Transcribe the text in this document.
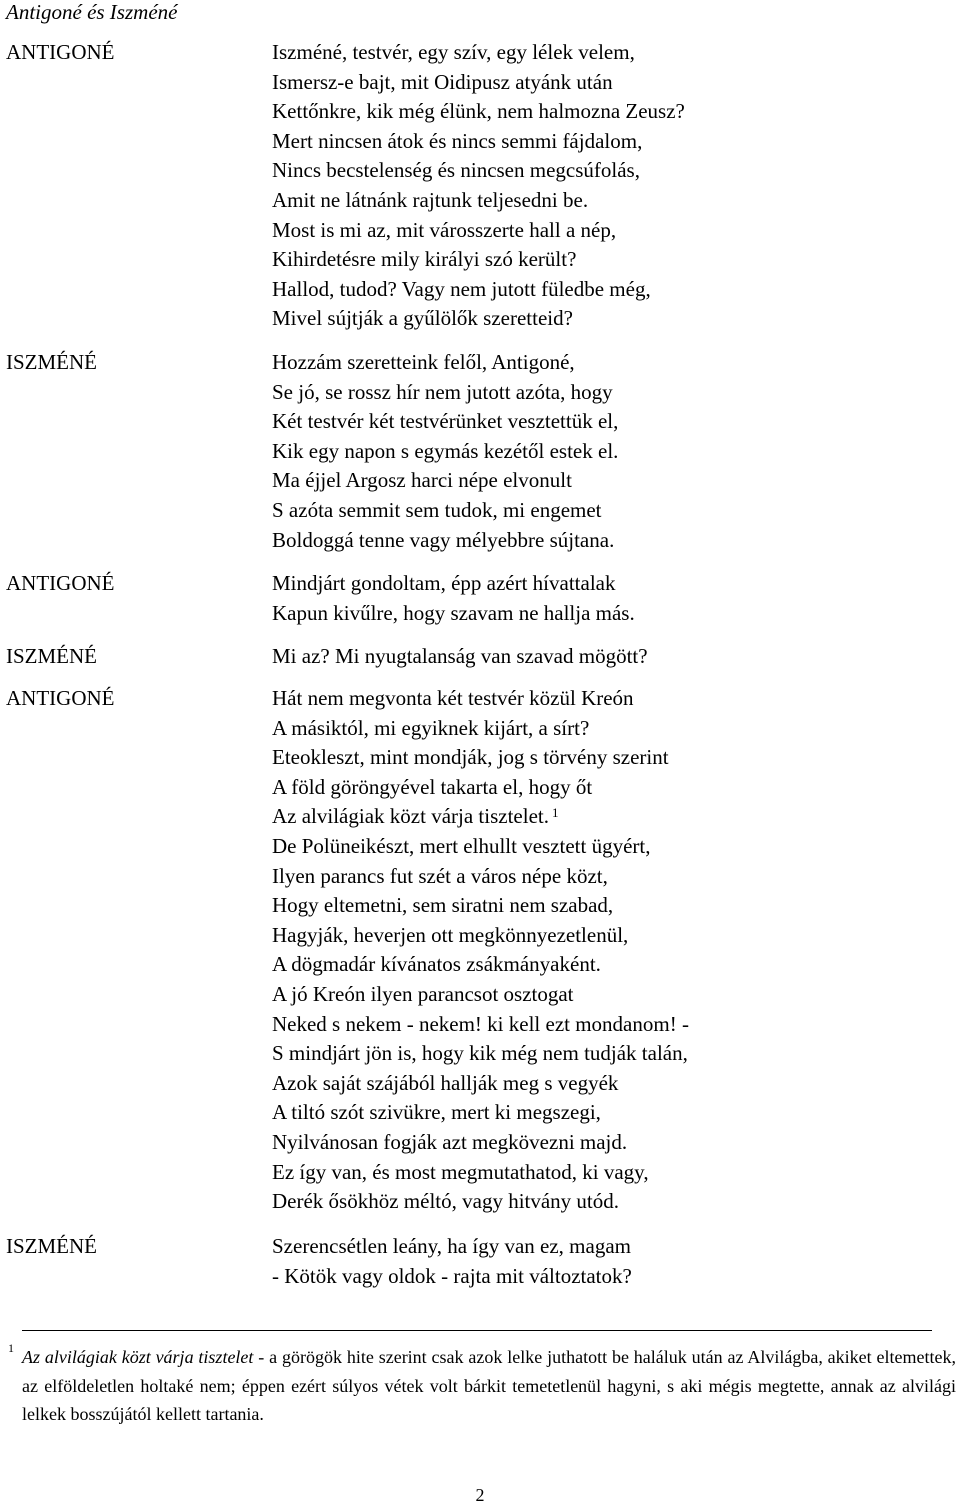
Antigoné és Iszméné
ANTIGONÉ	Iszméné, testvér, egy szív, egy lélek velem,
Ismersz-e bajt, mit Oidipusz atyánk után
Kettőnkre, kik még élünk, nem halmozna Zeusz?
Mert nincsen átok és nincs semmi fájdalom,
Nincs becstelenség és nincsen megcsúfolás,
Amit ne látnánk rajtunk teljesedni be.
Most is mi az, mit városszerte hall a nép,
Kihirdetésre mily királyi szó került?
Hallod, tudod? Vagy nem jutott füledbe még,
Mivel sújtják a gyűlölők szeretteid?
ISZMÉNÉ	Hozzám szeretteink felől, Antigoné,
Se jó, se rossz hír nem jutott azóta, hogy
Két testvér két testvérünket vesztettük el,
Kik egy napon s egymás kezétől estek el.
Ma éjjel Argosz harci népe elvonult
S azóta semmit sem tudok, mi engemet
Boldoggá tenne vagy mélyebbre sújtana.
ANTIGONÉ	Mindjárt gondoltam, épp azért hívattalak
Kapun kivűlre, hogy szavam ne hallja más.
ISZMÉNÉ	Mi az? Mi nyugtalanság van szavad mögött?
ANTIGONÉ	Hát nem megvonta két testvér közül Kreón
A másiktól, mi egyiknek kijárt, a sírt?
Eteokleszt, mint mondják, jog s törvény szerint
A föld göröngyével takarta el, hogy őt
Az alvilágiak közt várja tisztelet. $^1$
De Polüneikészt, mert elhullt vesztett ügyért,
Ilyen parancs fut szét a város népe közt,
Hogy eltemetni, sem siratni nem szabad,
Hagyják, heverjen ott megkönnyezetlenül,
A dögmadár kívánatos zsákmányaként.
A jó Kreón ilyen parancsot osztogat
Neked s nekem - nekem! ki kell ezt mondanom! -
S mindjárt jön is, hogy kik még nem tudják talán,
Azok saját szájából hallják meg s vegyék
A tiltó szót szivükre, mert ki megszegi,
Nyilvánosan fogják azt megkövezni majd.
Ez így van, és most megmutathatod, ki vagy,
Derék ősökhöz méltó, vagy hitvány utód.
ISZMÉNÉ	Szerencsétlen leány, ha így van ez, magam
- Kötök vagy oldok - rajta mit változtatok?
1 Az alvilágiak közt várja tisztelet - a görögök hite szerint csak azok lelke juthatott be haláluk után az Alvilágba, akiket eltemettek, az elföldeletlen holtaké nem; éppen ezért súlyos vétek volt bárkit temetetlenül hagyni, s aki mégis megtette, annak az alvilági lelkek bosszújától kellett tartania.
2
